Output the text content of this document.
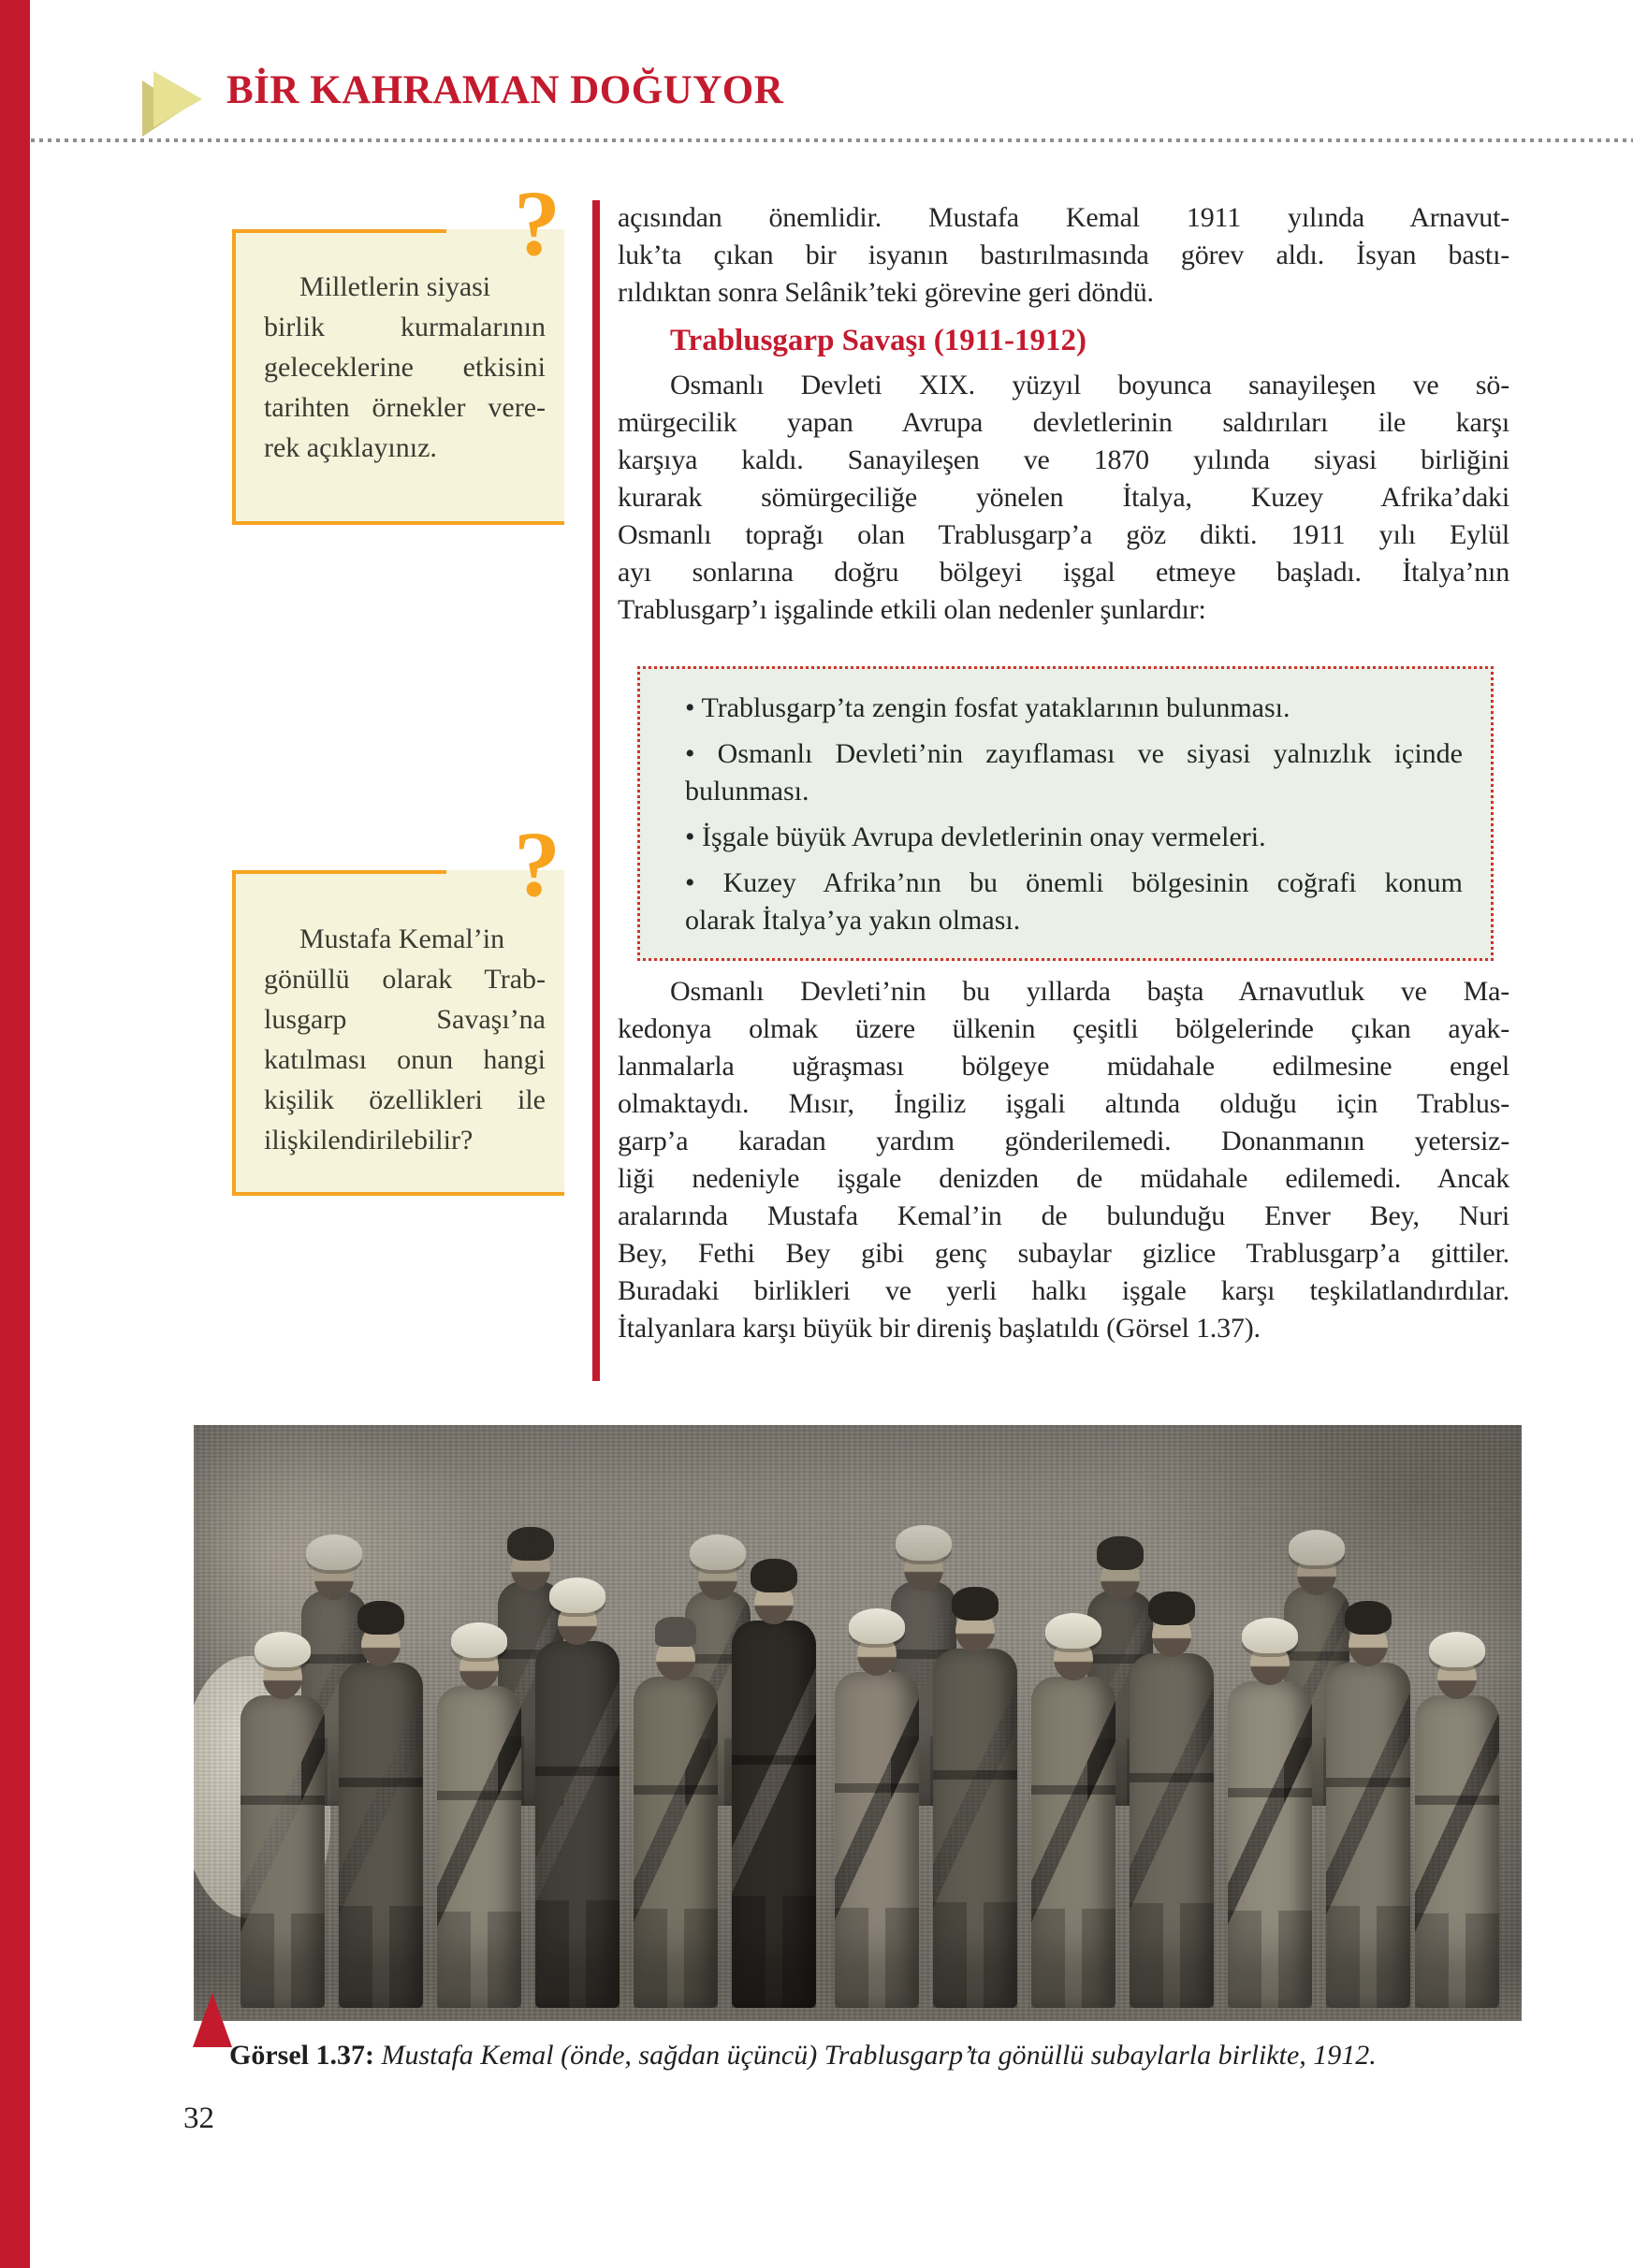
BİR KAHRAMAN DOĞUYOR
?
Milletlerin siyasi
birlik kurmalarının
geleceklerine etkisini
tarihten örnekler vere-
rek açıklayınız.
?
Mustafa Kemal’in
gönüllü olarak Trab-
lusgarp Savaşı’na
katılması onun hangi
kişilik özellikleri ile
ilişkilendirilebilir?
açısından önemlidir. Mustafa Kemal 1911 yılında Arnavut-
luk’ta çıkan bir isyanın bastırılmasında görev aldı. İsyan bastı-
rıldıktan sonra Selânik’teki görevine geri döndü.
Trablusgarp Savaşı (1911-1912)
Osmanlı Devleti XIX. yüzyıl boyunca sanayileşen ve sö-
mürgecilik yapan Avrupa devletlerinin saldırıları ile karşı
karşıya kaldı. Sanayileşen ve 1870 yılında siyasi birliğini
kurarak sömürgeciliğe yönelen İtalya, Kuzey Afrika’daki
Osmanlı toprağı olan Trablusgarp’a göz dikti. 1911 yılı Eylül
ayı sonlarına doğru bölgeyi işgal etmeye başladı. İtalya’nın
Trablusgarp’ı işgalinde etkili olan nedenler şunlardır:
• Trablusgarp’ta zengin fosfat yataklarının bulunması.
• Osmanlı Devleti’nin zayıflaması ve siyasi yalnızlık içinde
bulunması.
• İşgale büyük Avrupa devletlerinin onay vermeleri.
• Kuzey Afrika’nın bu önemli bölgesinin coğrafi konum
olarak İtalya’ya yakın olması.
Osmanlı Devleti’nin bu yıllarda başta Arnavutluk ve Ma-
kedonya olmak üzere ülkenin çeşitli bölgelerinde çıkan ayak-
lanmalarla uğraşması bölgeye müdahale edilmesine engel
olmaktaydı. Mısır, İngiliz işgali altında olduğu için Trablus-
garp’a karadan yardım gönderilemedi. Donanmanın yetersiz-
liği nedeniyle işgale denizden de müdahale edilemedi. Ancak
aralarında Mustafa Kemal’in de bulunduğu Enver Bey, Nuri
Bey, Fethi Bey gibi genç subaylar gizlice Trablusgarp’a gittiler.
Buradaki birlikleri ve yerli halkı işgale karşı teşkilatlandırdılar.
İtalyanlara karşı büyük bir direniş başlatıldı (Görsel 1.37).
Görsel 1.37: Mustafa Kemal (önde, sağdan üçüncü) Trablusgarp’ta gönüllü subaylarla birlikte, 1912.
32
